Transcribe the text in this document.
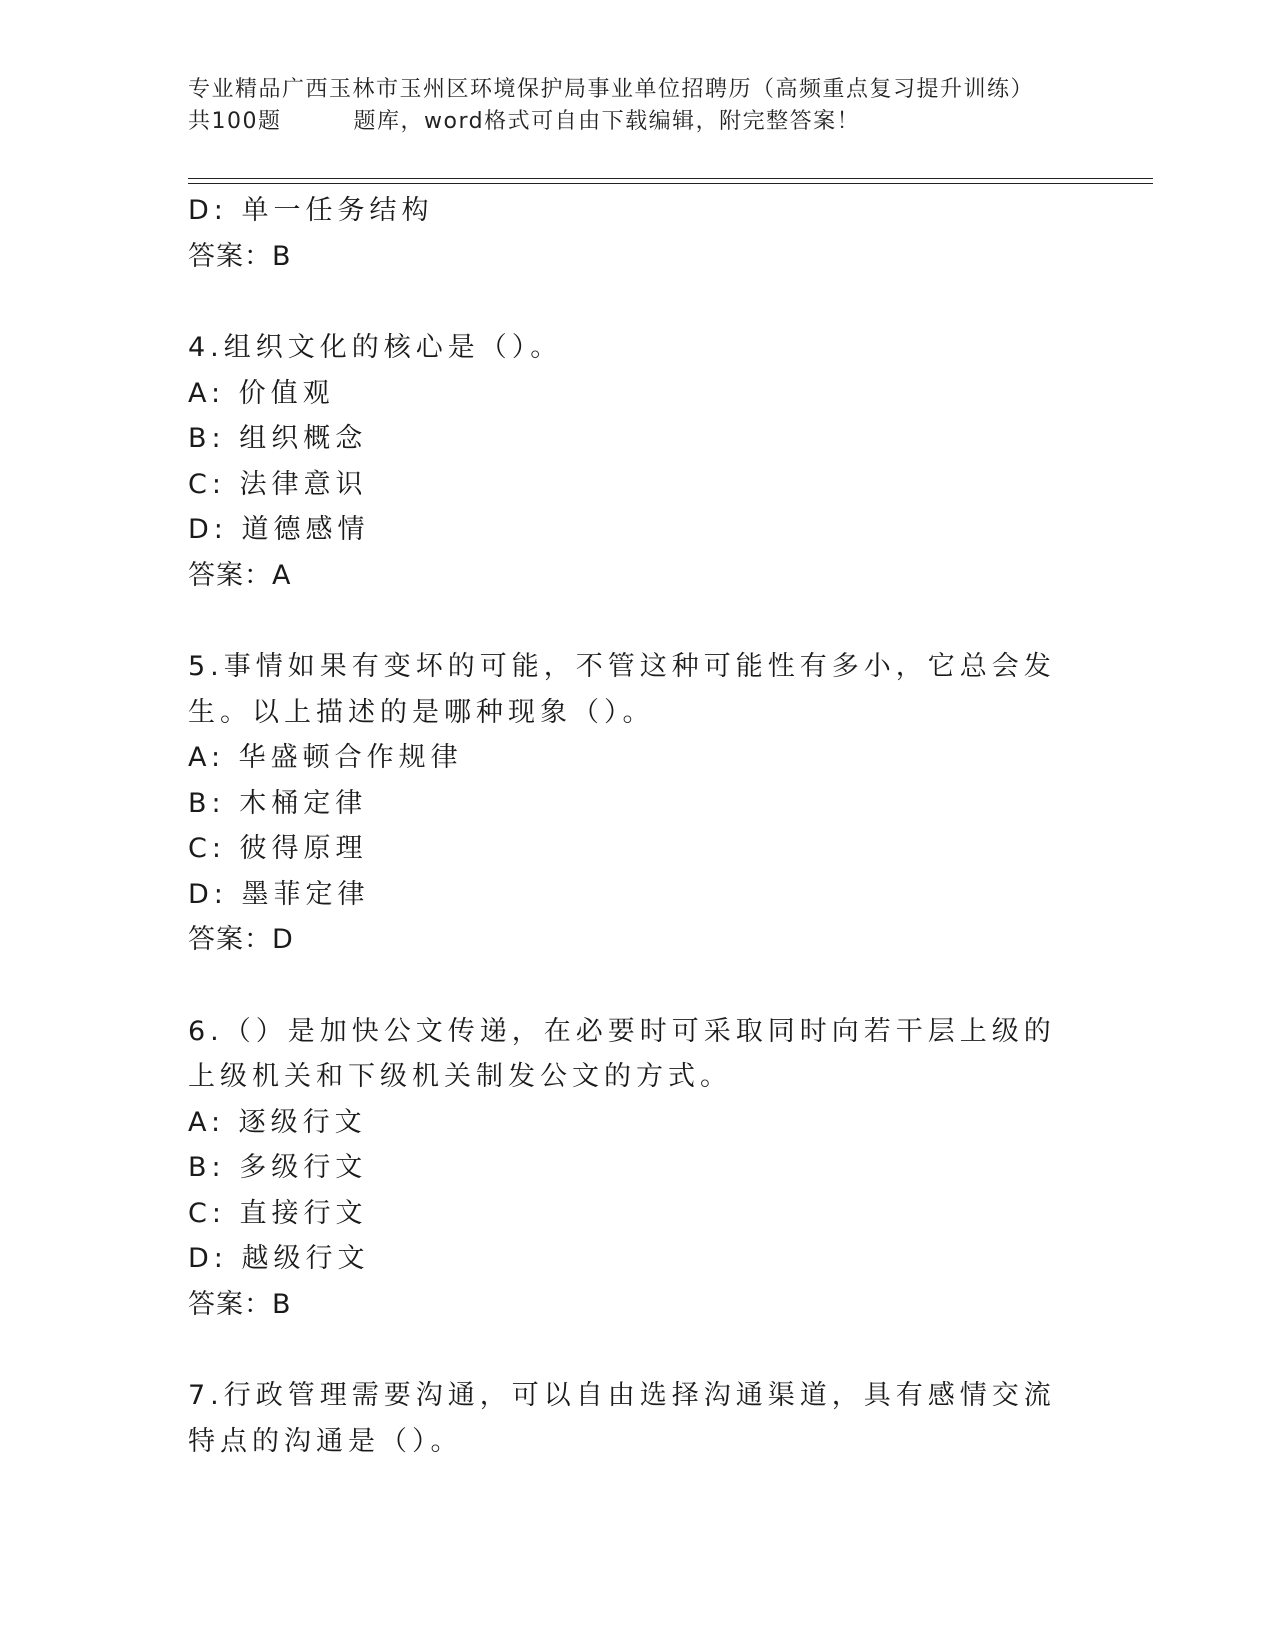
专业精品广西玉林市玉州区环境保护局事业单位招聘历（高频重点复习提升训练）
共100题	题库，word格式可自由下载编辑，附完整答案！
D: 单一任务结构
答案：B
4.组织文化的核心是（）。
A: 价值观
B: 组织概念
C: 法律意识
D: 道德感情
答案：A
5.事情如果有变坏的可能，不管这种可能性有多小，它总会发生。以上描述的是哪种现象（）。
A: 华盛顿合作规律
B: 木桶定律
C: 彼得原理
D: 墨菲定律
答案：D
6.（）是加快公文传递，在必要时可采取同时向若干层上级的上级机关和下级机关制发公文的方式。
A: 逐级行文
B: 多级行文
C: 直接行文
D: 越级行文
答案：B
7.行政管理需要沟通，可以自由选择沟通渠道，具有感情交流特点的沟通是（）。
